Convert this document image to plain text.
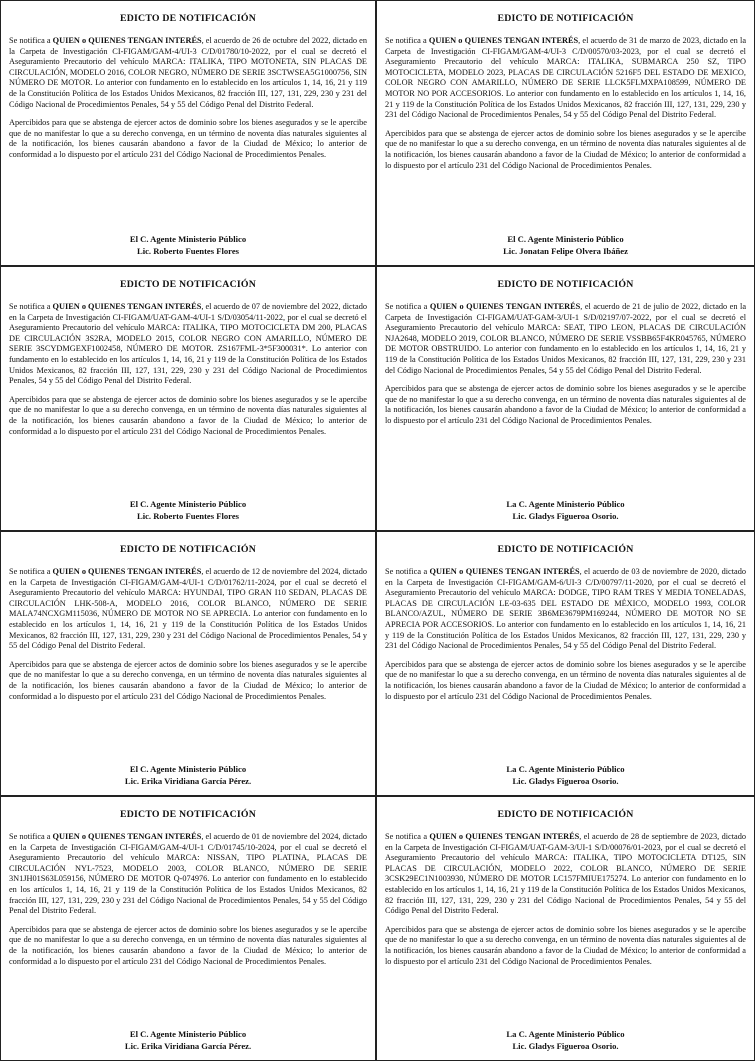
EDICTO DE NOTIFICACIÓN

Se notifica a QUIEN o QUIENES TENGAN INTERÉS, el acuerdo de 26 de octubre del 2022, dictado en la Carpeta de Investigación CI-FIGAM/GAM-4/UI-3 C/D/01780/10-2022, por el cual se decretó el Aseguramiento Precautorio del vehículo MARCA: ITALIKA, TIPO MOTONETA, SIN PLACAS DE CIRCULACIÓN, MODELO 2016, COLOR NEGRO, NÚMERO DE SERIE 3SCTWSEA5G1000756, SIN NÚMERO DE MOTOR. Lo anterior con fundamento en lo establecido en los artículos 1, 14, 16, 21 y 119 de la Constitución Política de los Estados Unidos Mexicanos, 82 fracción III, 127, 131, 229, 230 y 231 del Código Nacional de Procedimientos Penales, 54 y 55 del Código Penal del Distrito Federal.

Apercibidos para que se abstenga de ejercer actos de dominio sobre los bienes asegurados y se le apercibe que de no manifestar lo que a su derecho convenga, en un término de noventa días naturales siguientes al de la notificación, los bienes causarán abandono a favor de la Ciudad de México; lo anterior de conformidad a lo dispuesto por el artículo 231 del Código Nacional de Procedimientos Penales.

El C. Agente Ministerio Público
Lic. Roberto Fuentes Flores
EDICTO DE NOTIFICACIÓN

Se notifica a QUIEN o QUIENES TENGAN INTERÉS, el acuerdo de 31 de marzo de 2023, dictado en la Carpeta de Investigación CI-FIGAM/GAM-4/UI-3 C/D/00570/03-2023, por el cual se decretó el Aseguramiento Precautorio del vehículo MARCA: ITALIKA, SUBMARCA 250 SZ, TIPO MOTOCICLETA, MODELO 2023, PLACAS DE CIRCULACIÓN 5216F5 DEL ESTADO DE MEXICO, COLOR NEGRO CON AMARILLO, NÚMERO DE SERIE LLCK5FLMXPA108599, NÚMERO DE MOTOR NO POR ACCESORIOS. Lo anterior con fundamento en lo establecido en los artículos 1, 14, 16, 21 y 119 de la Constitución Política de los Estados Unidos Mexicanos, 82 fracción III, 127, 131, 229, 230 y 231 del Código Nacional de Procedimientos Penales, 54 y 55 del Código Penal del Distrito Federal.

Apercibidos para que se abstenga de ejercer actos de dominio sobre los bienes asegurados y se le apercibe que de no manifestar lo que a su derecho convenga, en un término de noventa días naturales siguientes al de la notificación, los bienes causarán abandono a favor de la Ciudad de México; lo anterior de conformidad a lo dispuesto por el artículo 231 del Código Nacional de Procedimientos Penales.

El C. Agente Ministerio Público
Lic. Jonatan Felipe Olvera Ibáñez
EDICTO DE NOTIFICACIÓN

Se notifica a QUIEN o QUIENES TENGAN INTERÉS, el acuerdo de 07 de noviembre del 2022, dictado en la Carpeta de Investigación CI-FIGAM/UAT-GAM-4/UI-1 S/D/03054/11-2022, por el cual se decretó el Aseguramiento Precautorio del vehículo MARCA: ITALIKA, TIPO MOTOCICLETA DM 200, PLACAS DE CIRCULACIÓN 3S2RA, MODELO 2015, COLOR NEGRO CON AMARILLO, NÚMERO DE SERIE 3SCYDMGEXF1002458, NÚMERO DE MOTOR. ZS167FML-3*5F300031*. Lo anterior con fundamento en lo establecido en los artículos 1, 14, 16, 21 y 119 de la Constitución Política de los Estados Unidos Mexicanos, 82 fracción III, 127, 131, 229, 230 y 231 del Código Nacional de Procedimientos Penales, 54 y 55 del Código Penal del Distrito Federal.

Apercibidos para que se abstenga de ejercer actos de dominio sobre los bienes asegurados y se le apercibe que de no manifestar lo que a su derecho convenga, en un término de noventa días naturales siguientes al de la notificación, los bienes causarán abandono a favor de la Ciudad de México; lo anterior de conformidad a lo dispuesto por el artículo 231 del Código Nacional de Procedimientos Penales.

El C. Agente Ministerio Público
Lic. Roberto Fuentes Flores
EDICTO DE NOTIFICACIÓN

Se notifica a QUIEN o QUIENES TENGAN INTERÉS, el acuerdo de 21 de julio de 2022, dictado en la Carpeta de Investigación CI-FIGAM/UAT-GAM-3/UI-1 S/D/02197/07-2022, por el cual se decretó el Aseguramiento Precautorio del vehículo MARCA: SEAT, TIPO LEON, PLACAS DE CIRCULACIÓN NJA2648, MODELO 2019, COLOR BLANCO, NÚMERO DE SERIE VSSBB65F4KR045765, NÚMERO DE MOTOR OBSTRUIDO. Lo anterior con fundamento en lo establecido en los artículos 1, 14, 16, 21 y 119 de la Constitución Política de los Estados Unidos Mexicanos, 82 fracción III, 127, 131, 229, 230 y 231 del Código Nacional de Procedimientos Penales, 54 y 55 del Código Penal del Distrito Federal.

Apercibidos para que se abstenga de ejercer actos de dominio sobre los bienes asegurados y se le apercibe que de no manifestar lo que a su derecho convenga, en un término de noventa días naturales siguientes al de la notificación, los bienes causarán abandono a favor de la Ciudad de México; lo anterior de conformidad a lo dispuesto por el artículo 231 del Código Nacional de Procedimientos Penales.

La C. Agente Ministerio Público
Lic. Gladys Figueroa Osorio.
EDICTO DE NOTIFICACIÓN

Se notifica a QUIEN o QUIENES TENGAN INTERÉS, el acuerdo de 12 de noviembre del 2024, dictado en la Carpeta de Investigación CI-FIGAM/GAM-4/UI-1 C/D/01762/11-2024, por el cual se decretó el Aseguramiento Precautorio del vehículo MARCA: HYUNDAI, TIPO GRAN I10 SEDAN, PLACAS DE CIRCULACIÓN LHK-508-A, MODELO 2016, COLOR BLANCO, NÚMERO DE SERIE MALA74NCXGM115036, NÚMERO DE MOTOR NO SE APRECIA. Lo anterior con fundamento en lo establecido en los artículos 1, 14, 16, 21 y 119 de la Constitución Política de los Estados Unidos Mexicanos, 82 fracción III, 127, 131, 229, 230 y 231 del Código Nacional de Procedimientos Penales, 54 y 55 del Código Penal del Distrito Federal.

Apercibidos para que se abstenga de ejercer actos de dominio sobre los bienes asegurados y se le apercibe que de no manifestar lo que a su derecho convenga, en un término de noventa días naturales siguientes al de la notificación, los bienes causarán abandono a favor de la Ciudad de México; lo anterior de conformidad a lo dispuesto por el artículo 231 del Código Nacional de Procedimientos Penales.

El C. Agente Ministerio Público
Lic. Erika Viridiana García Pérez.
EDICTO DE NOTIFICACIÓN

Se notifica a QUIEN o QUIENES TENGAN INTERÉS, el acuerdo de 03 de noviembre de 2020, dictado en la Carpeta de Investigación CI-FIGAM/GAM-6/UI-3 C/D/00797/11-2020, por el cual se decretó el Aseguramiento Precautorio del vehículo MARCA: DODGE, TIPO RAM TRES Y MEDIA TONELADAS, PLACAS DE CIRCULACIÓN LE-03-635 DEL ESTADO DE MÉXICO, MODELO 1993, COLOR BLANCO/AZUL, NÚMERO DE SERIE 3B6ME3679PM169244, NÚMERO DE MOTOR NO SE APRECIA POR ACCESORIOS. Lo anterior con fundamento en lo establecido en los artículos 1, 14, 16, 21 y 119 de la Constitución Política de los Estados Unidos Mexicanos, 82 fracción III, 127, 131, 229, 230 y 231 del Código Nacional de Procedimientos Penales, 54 y 55 del Código Penal del Distrito Federal.

Apercibidos para que se abstenga de ejercer actos de dominio sobre los bienes asegurados y se le apercibe que de no manifestar lo que a su derecho convenga, en un término de noventa días naturales siguientes al de la notificación, los bienes causarán abandono a favor de la Ciudad de México; lo anterior de conformidad a lo dispuesto por el artículo 231 del Código Nacional de Procedimientos Penales.

La C. Agente Ministerio Público
Lic. Gladys Figueroa Osorio.
EDICTO DE NOTIFICACIÓN

Se notifica a QUIEN o QUIENES TENGAN INTERÉS, el acuerdo de 01 de noviembre del 2024, dictado en la Carpeta de Investigación CI-FIGAM/GAM-4/UI-1 C/D/01745/10-2024, por el cual se decretó el Aseguramiento Precautorio del vehículo MARCA: NISSAN, TIPO PLATINA, PLACAS DE CIRCULACIÓN NYL-7523, MODELO 2003, COLOR BLANCO, NÚMERO DE SERIE 3N1JH01S63L059156, NÚMERO DE MOTOR Q-074976. Lo anterior con fundamento en lo establecido en los artículos 1, 14, 16, 21 y 119 de la Constitución Política de los Estados Unidos Mexicanos, 82 fracción III, 127, 131, 229, 230 y 231 del Código Nacional de Procedimientos Penales, 54 y 55 del Código Penal del Distrito Federal.

Apercibidos para que se abstenga de ejercer actos de dominio sobre los bienes asegurados y se le apercibe que de no manifestar lo que a su derecho convenga, en un término de noventa días naturales siguientes al de la notificación, los bienes causarán abandono a favor de la Ciudad de México; lo anterior de conformidad a lo dispuesto por el artículo 231 del Código Nacional de Procedimientos Penales.

El C. Agente Ministerio Público
Lic. Erika Viridiana García Pérez.
EDICTO DE NOTIFICACIÓN

Se notifica a QUIEN o QUIENES TENGAN INTERÉS, el acuerdo de 28 de septiembre de 2023, dictado en la Carpeta de Investigación CI-FIGAM/UAT-GAM-3/UI-1 S/D/00076/01-2023, por el cual se decretó el Aseguramiento Precautorio del vehículo MARCA: ITALIKA, TIPO MOTOCICLETA DT125, SIN PLACAS DE CIRCULACIÓN, MODELO 2022, COLOR BLANCO, NÚMERO DE SERIE 3CSK29EC1N1003930, NÚMERO DE MOTOR LC157FMIUE175274. Lo anterior con fundamento en lo establecido en los artículos 1, 14, 16, 21 y 119 de la Constitución Política de los Estados Unidos Mexicanos, 82 fracción III, 127, 131, 229, 230 y 231 del Código Nacional de Procedimientos Penales, 54 y 55 del Código Penal del Distrito Federal.

Apercibidos para que se abstenga de ejercer actos de dominio sobre los bienes asegurados y se le apercibe que de no manifestar lo que a su derecho convenga, en un término de noventa días naturales siguientes al de la notificación, los bienes causarán abandono a favor de la Ciudad de México; lo anterior de conformidad a lo dispuesto por el artículo 231 del Código Nacional de Procedimientos Penales.

La C. Agente Ministerio Público
Lic. Gladys Figueroa Osorio.
